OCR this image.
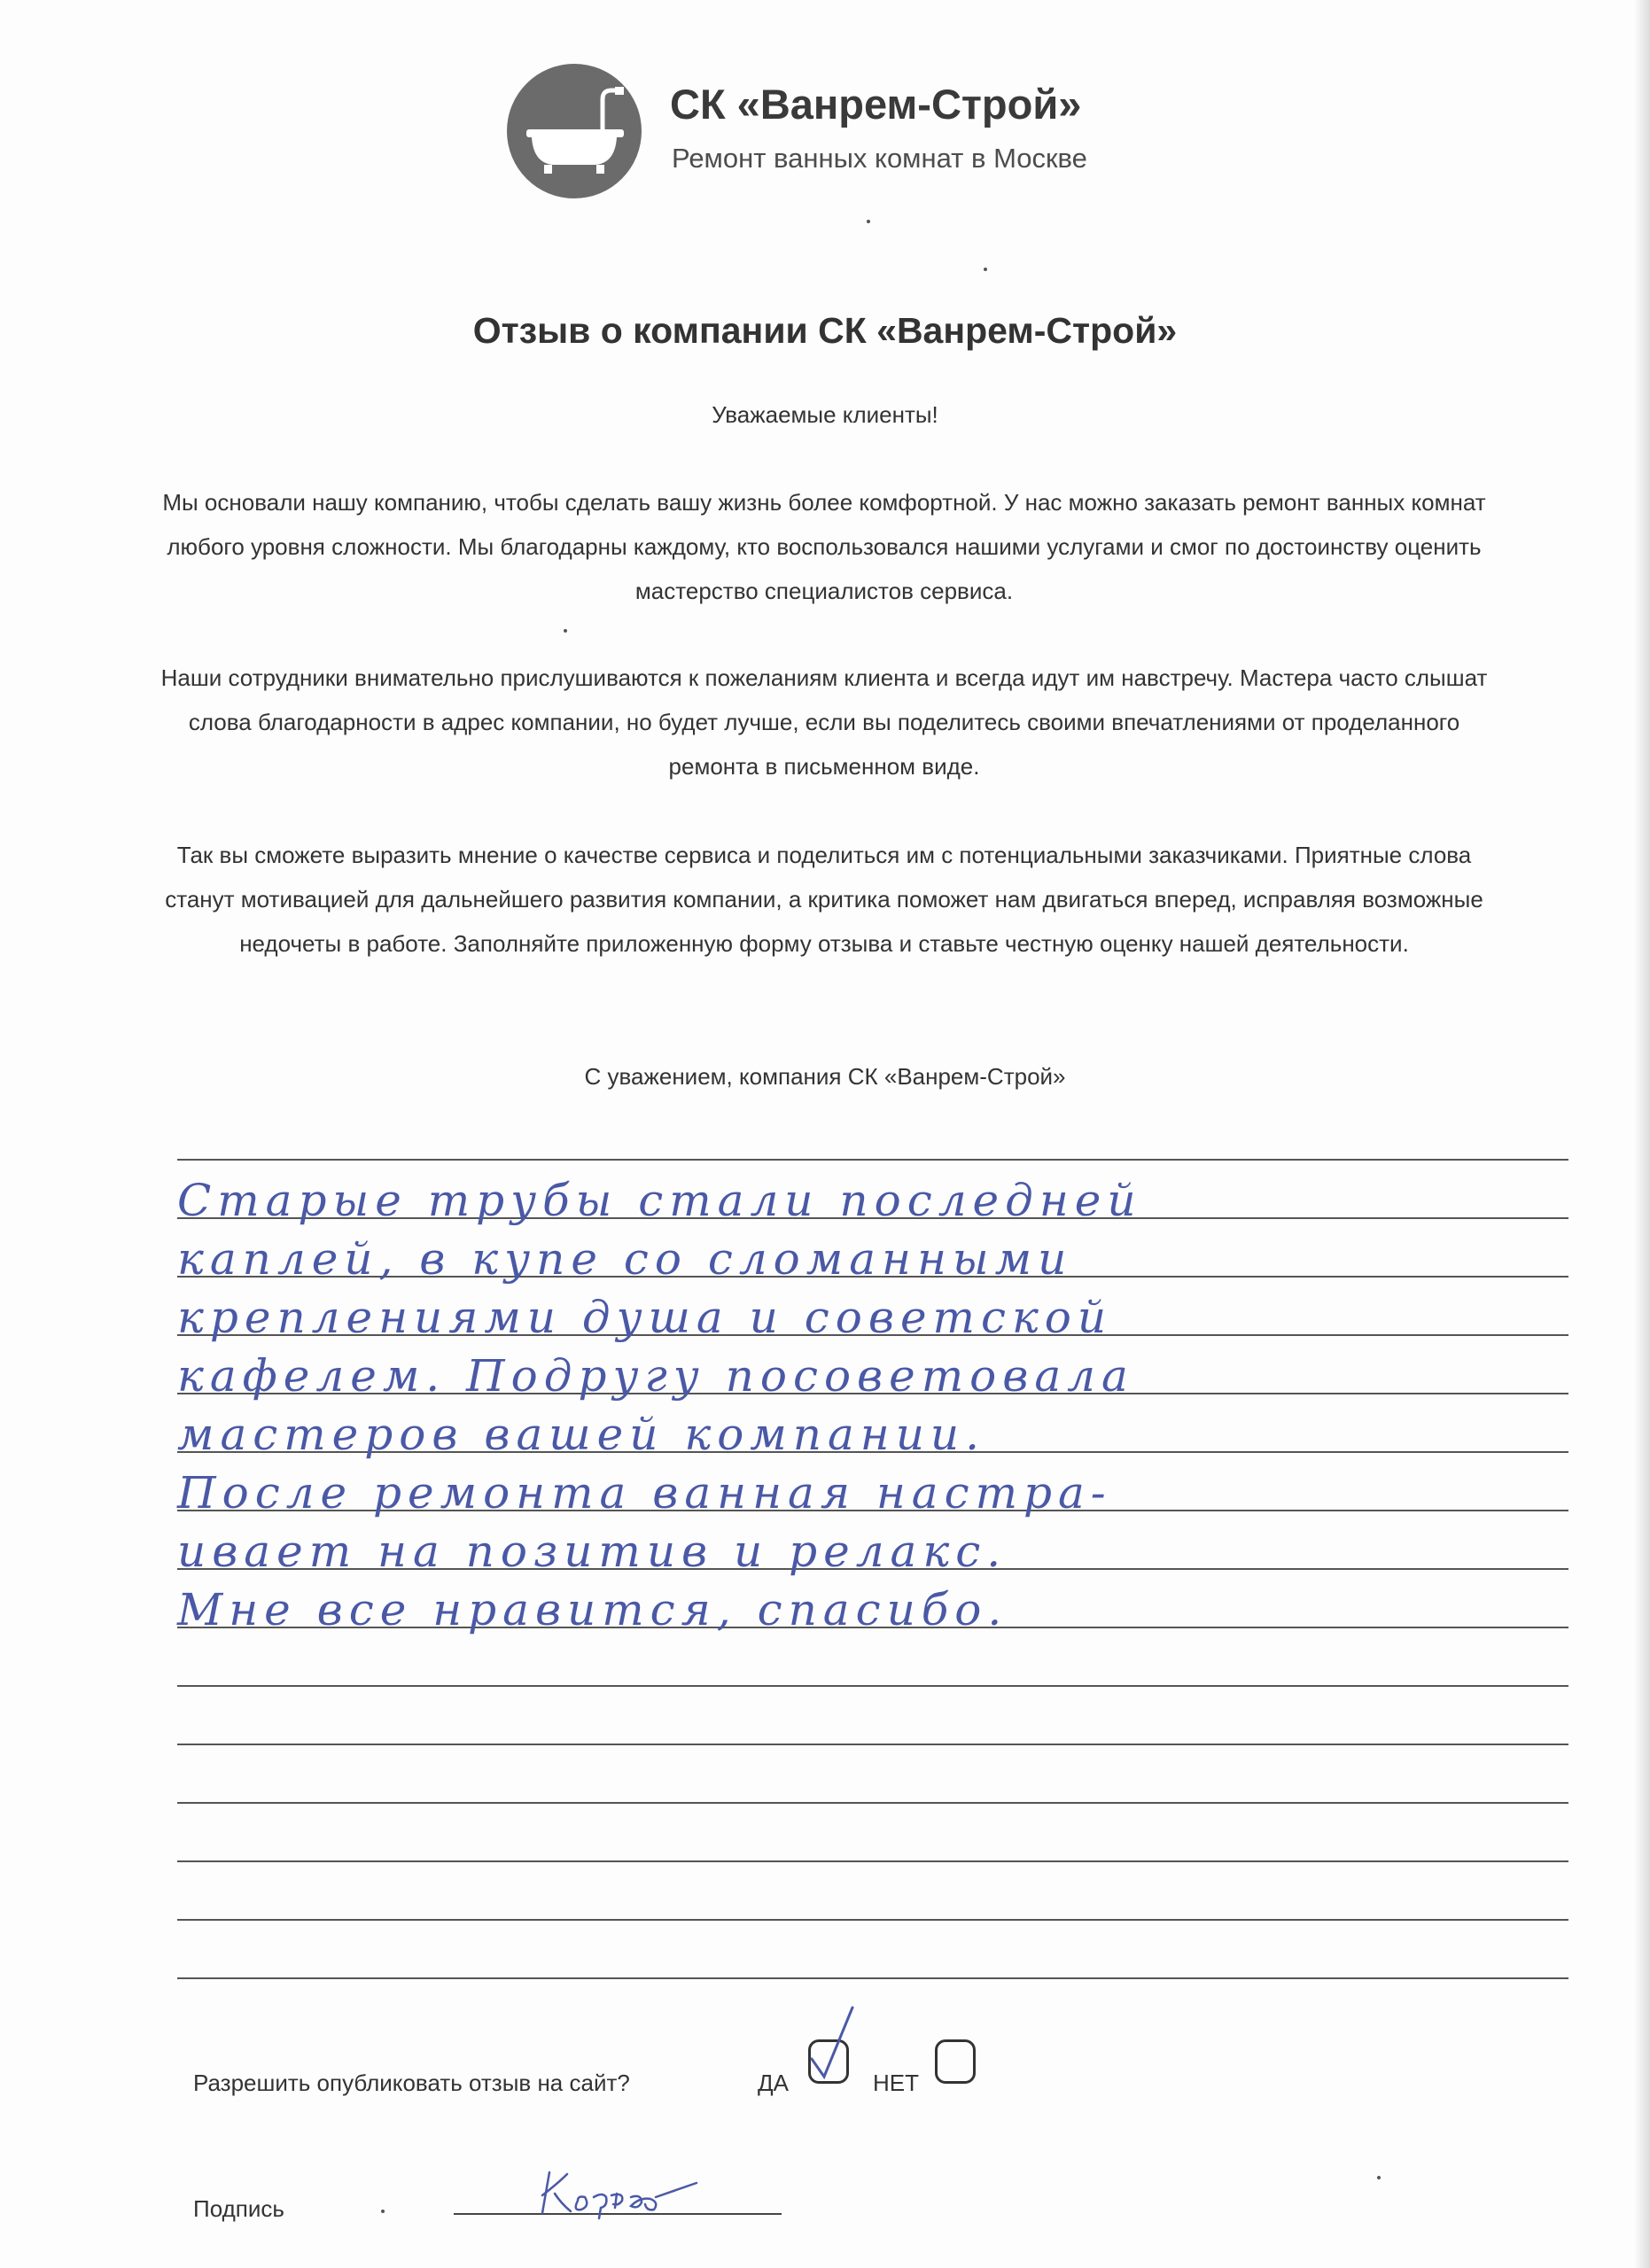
СК «Ванрем-Строй»
Ремонт ванных комнат в Москве
Отзыв о компании СК «Ванрем-Строй»
Уважаемые клиенты!
Мы основали нашу компанию, чтобы сделать вашу жизнь более комфортной. У нас можно заказать ремонт ванных комнат любого уровня сложности. Мы благодарны каждому, кто воспользовался нашими услугами и смог по достоинству оценить мастерство специалистов сервиса.
Наши сотрудники внимательно прислушиваются к пожеланиям клиента и всегда идут им навстречу. Мастера часто слышат слова благодарности в адрес компании, но будет лучше, если вы поделитесь своими впечатлениями от проделанного ремонта в письменном виде.
Так вы сможете выразить мнение о качестве сервиса и поделиться им с потенциальными заказчиками. Приятные слова станут мотивацией для дальнейшего развития компании, а критика поможет нам двигаться вперед, исправляя возможные недочеты в работе. Заполняйте приложенную форму отзыва и ставьте честную оценку нашей деятельности.
С уважением, компания СК «Ванрем-Строй»
Старые трубы стали последней
каплей, в купе со сломанными
креплениями душа и советской
кафелем. Подругу посоветовала
мастеров вашей компании.
После ремонта ванная настра-
ивает на позитив и релакс.
Мне все нравится, спасибо.
Разрешить опубликовать отзыв на сайт?	ДА	НЕТ
Подпись
